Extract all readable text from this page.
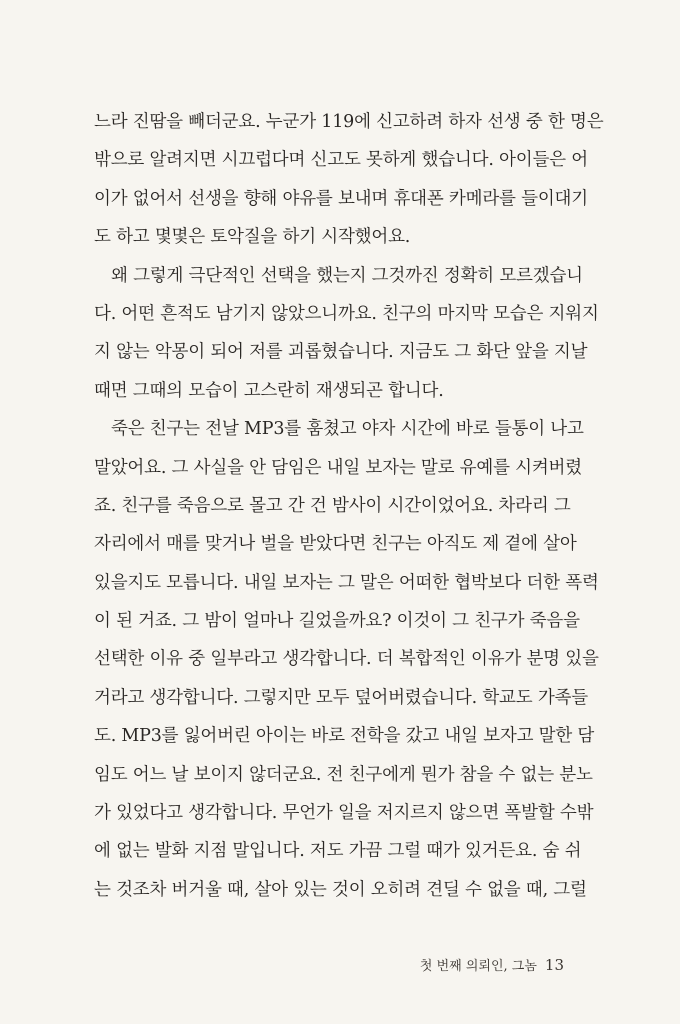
느라 진땀을 빼더군요. 누군가 119에 신고하려 하자 선생 중 한 명은
밖으로 알려지면 시끄럽다며 신고도 못하게 했습니다. 아이들은 어
이가 없어서 선생을 향해 야유를 보내며 휴대폰 카메라를 들이대기
도 하고 몇몇은 토악질을 하기 시작했어요.
왜 그렇게 극단적인 선택을 했는지 그것까진 정확히 모르겠습니
다. 어떤 흔적도 남기지 않았으니까요. 친구의 마지막 모습은 지워지
지 않는 악몽이 되어 저를 괴롭혔습니다. 지금도 그 화단 앞을 지날
때면 그때의 모습이 고스란히 재생되곤 합니다.
죽은 친구는 전날 MP3를 훔쳤고 야자 시간에 바로 들통이 나고
말았어요. 그 사실을 안 담임은 내일 보자는 말로 유예를 시켜버렸
죠. 친구를 죽음으로 몰고 간 건 밤사이 시간이었어요. 차라리 그
자리에서 매를 맞거나 벌을 받았다면 친구는 아직도 제 곁에 살아
있을지도 모릅니다. 내일 보자는 그 말은 어떠한 협박보다 더한 폭력
이 된 거죠. 그 밤이 얼마나 길었을까요? 이것이 그 친구가 죽음을
선택한 이유 중 일부라고 생각합니다. 더 복합적인 이유가 분명 있을
거라고 생각합니다. 그렇지만 모두 덮어버렸습니다. 학교도 가족들
도. MP3를 잃어버린 아이는 바로 전학을 갔고 내일 보자고 말한 담
임도 어느 날 보이지 않더군요. 전 친구에게 뭔가 참을 수 없는 분노
가 있었다고 생각합니다. 무언가 일을 저지르지 않으면 폭발할 수밖
에 없는 발화 지점 말입니다. 저도 가끔 그럴 때가 있거든요. 숨 쉬
는 것조차 버거울 때, 살아 있는 것이 오히려 견딜 수 없을 때, 그럴
첫 번째 의뢰인, 그놈 13
